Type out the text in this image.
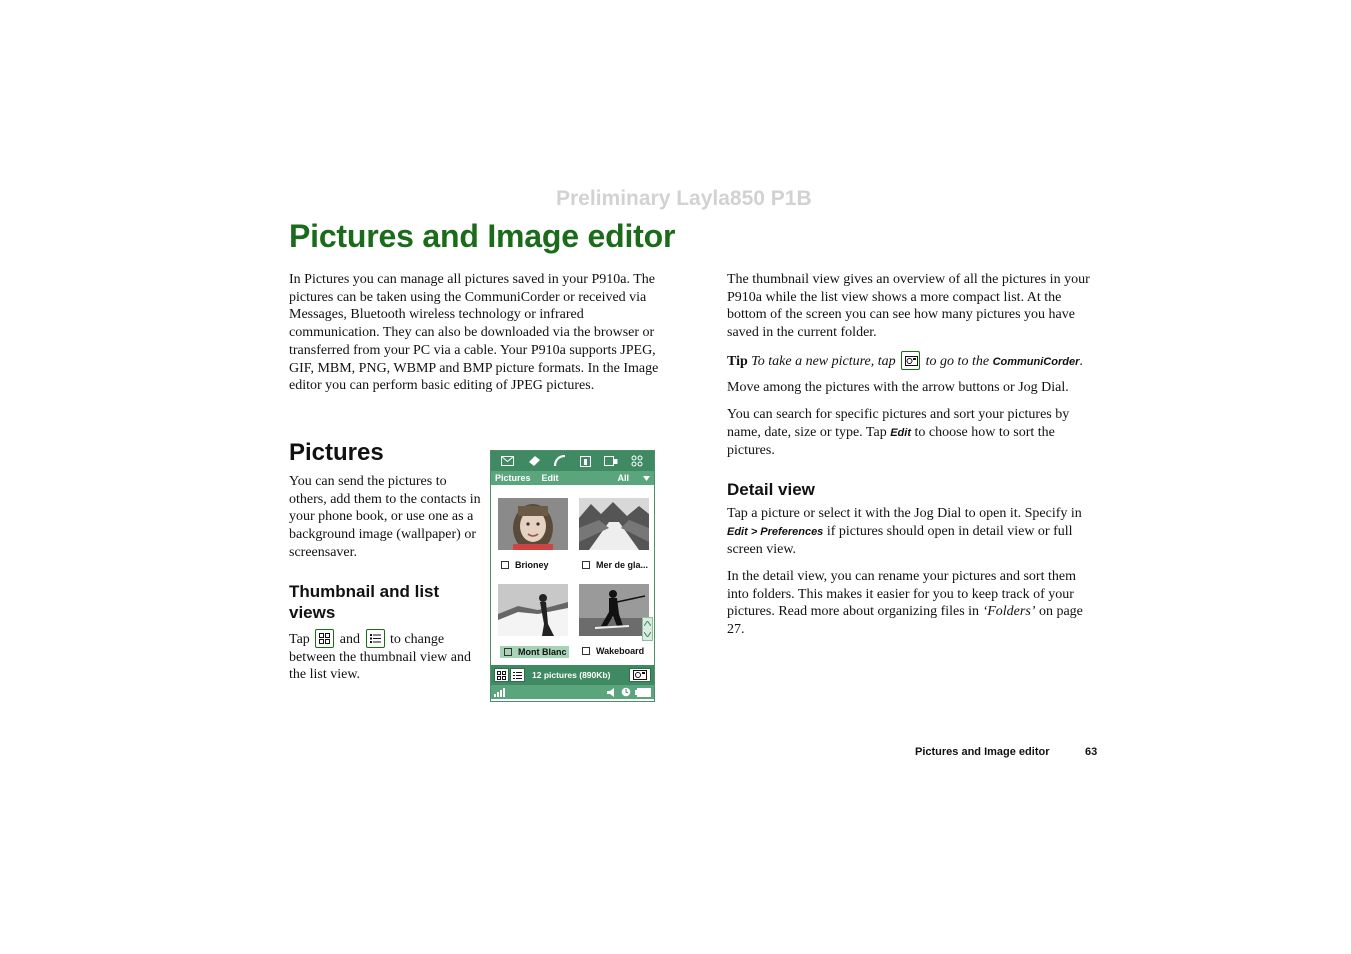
Preliminary Layla850 P1B
Pictures and Image editor

In Pictures you can manage all pictures saved in your P910a. The pictures can be taken using the CommuniCorder or received via Messages, Bluetooth wireless technology or infrared communication. They can also be downloaded via the browser or transferred from your PC via a cable. Your P910a supports JPEG, GIF, MBM, PNG, WBMP and BMP picture formats. In the Image editor you can perform basic editing of JPEG pictures.

Pictures

You can send the pictures to others, add them to the contacts in your phone book, or use one as a background image (wallpaper) or screensaver.

Thumbnail and list views

Tap and to change between the thumbnail view and the list view.

Pictures Edit	All
Brioney	Mer de gla...
Mont Blanc	Wakeboard
12 pictures (890Kb)

The thumbnail view gives an overview of all the pictures in your P910a while the list view shows a more compact list. At the bottom of the screen you can see how many pictures you have saved in the current folder.

Tip To take a new picture, tap to go to the CommuniCorder.

Move among the pictures with the arrow buttons or Jog Dial.

You can search for specific pictures and sort your pictures by name, date, size or type. Tap Edit to choose how to sort the pictures.

Detail view

Tap a picture or select it with the Jog Dial to open it. Specify in Edit > Preferences if pictures should open in detail view or full screen view.

In the detail view, you can rename your pictures and sort them into folders. This makes it easier for you to keep track of your pictures. Read more about organizing files in ‘Folders’ on page 27.

Pictures and Image editor	63
